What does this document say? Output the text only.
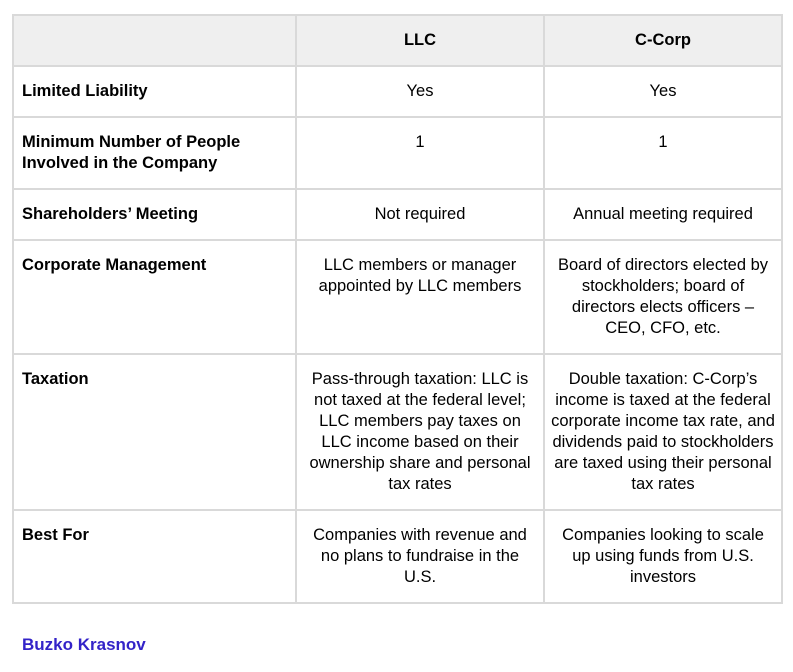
	LLC	C-Corp
Limited Liability	Yes	Yes
Minimum Number of People Involved in the Company	1	1
Shareholders’ Meeting	Not required	Annual meeting required
Corporate Management	LLC members or manager appointed by LLC members	Board of directors elected by stockholders; board of directors elects officers – CEO, CFO, etc.
Taxation	Pass-through taxation: LLC is not taxed at the federal level; LLC members pay taxes on LLC income based on their ownership share and personal tax rates	Double taxation: C-Corp’s income is taxed at the federal corporate income tax rate, and dividends paid to stockholders are taxed using their personal tax rates
Best For	Companies with revenue and no plans to fundraise in the U.S.	Companies looking to scale up using funds from U.S. investors
Buzko Krasnov
